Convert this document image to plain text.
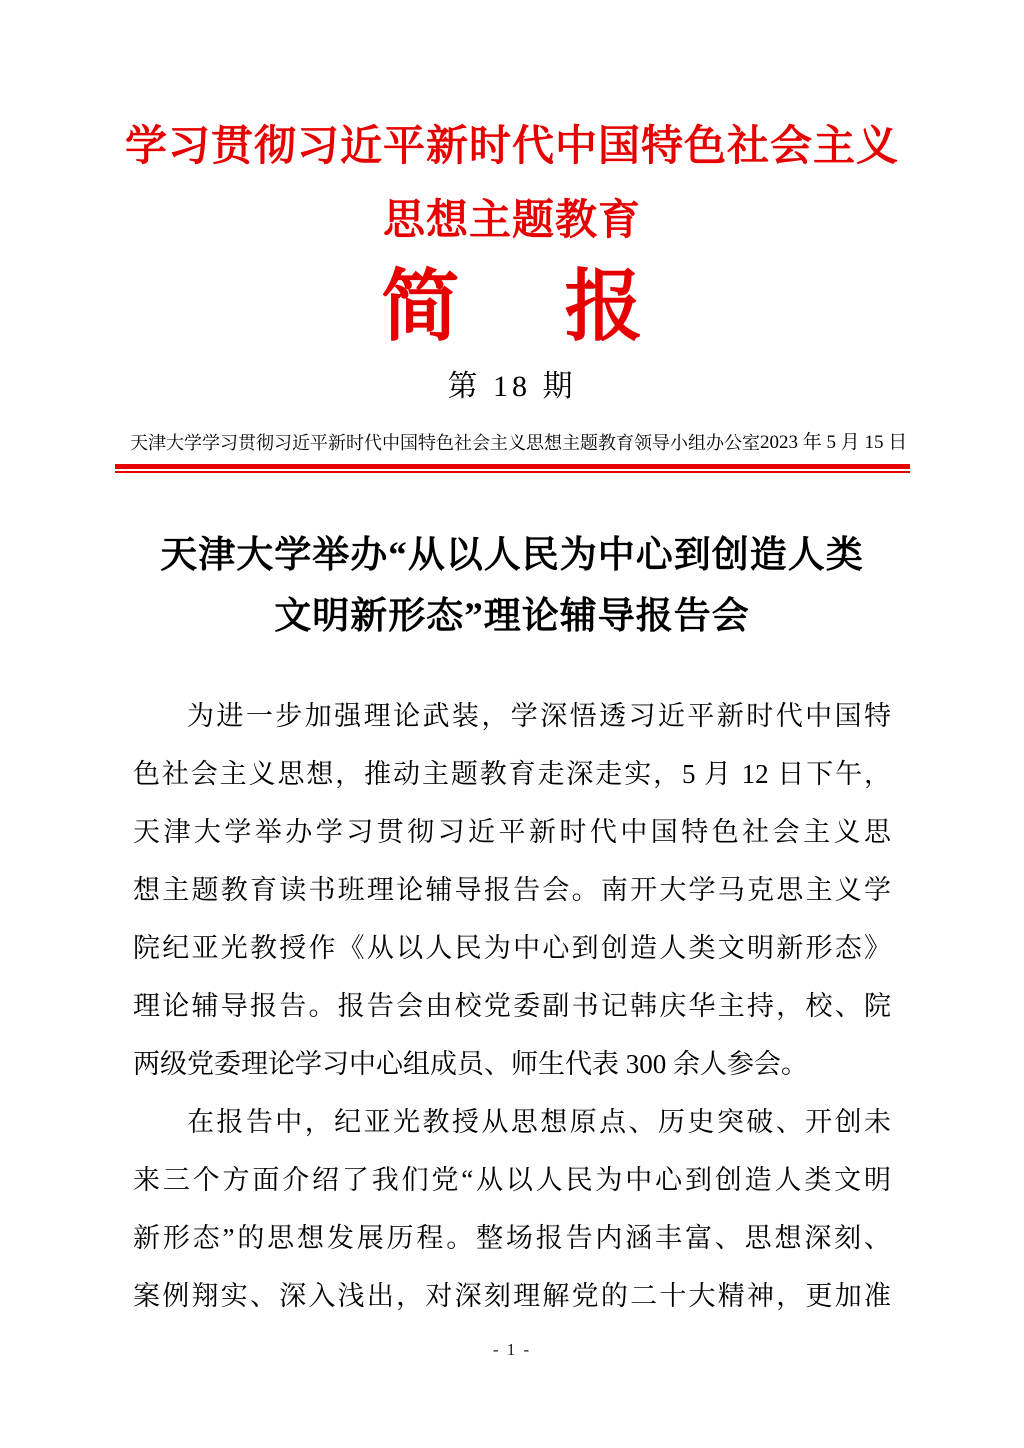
学习贯彻习近平新时代中国特色社会主义
思想主题教育
简报
第 18 期
天津大学学习贯彻习近平新时代中国特色社会主义思想主题教育领导小组办公室 2023 年 5 月 15 日
天津大学举办“从以人民为中心到创造人类
文明新形态”理论辅导报告会
为进一步加强理论武装，学深悟透习近平新时代中国特
色社会主义思想，推动主题教育走深走实，5 月 12 日下午，
天津大学举办学习贯彻习近平新时代中国特色社会主义思
想主题教育读书班理论辅导报告会。南开大学马克思主义学
院纪亚光教授作《从以人民为中心到创造人类文明新形态》
理论辅导报告。报告会由校党委副书记韩庆华主持，校、院
两级党委理论学习中心组成员、师生代表 300 余人参会。
在报告中，纪亚光教授从思想原点、历史突破、开创未
来三个方面介绍了我们党“从以人民为中心到创造人类文明
新形态”的思想发展历程。整场报告内涵丰富、思想深刻、
案例翔实、深入浅出，对深刻理解党的二十大精神，更加准
- 1 -
